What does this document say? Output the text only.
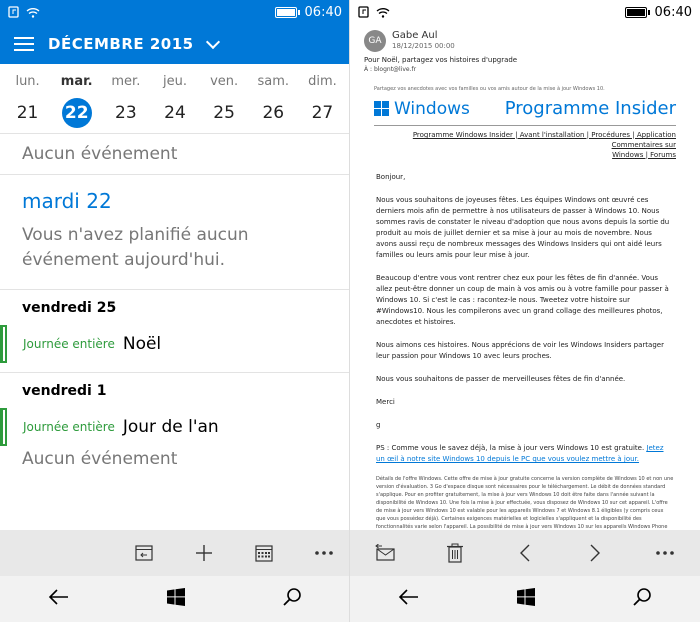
06:40
DÉCEMBRE 2015
lun.
21
mar.
22
mer.
23
jeu.
24
ven.
25
sam.
26
dim.
27
Aucun événement
mardi 22
Vous n'avez planifié aucun événement aujourd'hui.
vendredi 25
Journée entière Noël
vendredi 1
Journée entière Jour de l'an
Aucun événement
06:40
GA	Gabe Aul
18/12/2015 00:00
Pour Noël, partagez vos histoires d'upgrade
À : blognt@live.fr
Partagez vos anecdotes avec vos familles ou vos amis autour de la mise à jour Windows 10.
Windows Programme Insider
Programme Windows Insider | Avant l'installation | Procédures | Application Commentaires sur
Windows | Forums

Bonjour,

Nous vous souhaitons de joyeuses fêtes. Les équipes Windows ont œuvré ces derniers mois afin de permettre à nos utilisateurs de passer à Windows 10. Nous sommes ravis de constater le niveau d'adoption que nous avons depuis la sortie du produit au mois de juillet dernier et sa mise à jour au mois de novembre. Nous avons aussi reçu de nombreux messages des Windows Insiders qui ont aidé leurs familles ou leurs amis pour leur mise à jour.

Beaucoup d'entre vous vont rentrer chez eux pour les fêtes de fin d'année. Vous allez peut-être donner un coup de main à vos amis ou à votre famille pour passer à Windows 10. Si c'est le cas : racontez-le nous. Tweetez votre histoire sur #Windows10. Nous les compilerons avec un grand collage des meilleures photos, anecdotes et histoires.

Nous aimons ces histoires. Nous apprécions de voir les Windows Insiders partager leur passion pour Windows 10 avec leurs proches.

Nous vous souhaitons de passer de merveilleuses fêtes de fin d'année.

Merci

g

PS : Comme vous le savez déjà, la mise à jour vers Windows 10 est gratuite. Jetez un œil à notre site Windows 10 depuis le PC que vous voulez mettre à jour.

Détails de l'offre Windows. Cette offre de mise à jour gratuite concerne la version complète de Windows 10 et non une version d'évaluation. 3 Go d'espace disque sont nécessaires pour le téléchargement. Le débit de données standard s'applique. Pour en profiter gratuitement, la mise à jour vers Windows 10 doit être faite dans l'année suivant la disponibilité de Windows 10. Une fois la mise à jour effectuée, vous disposez de Windows 10 sur cet appareil. L'offre de mise à jour vers Windows 10 est valable pour les appareils Windows 7 et Windows 8.1 éligibles (y compris ceux que vous possédez déjà). Certaines exigences matérielles et logicielles s'appliquent et la disponibilité des fonctionnalités varie selon l'appareil. La possibilité de mise à jour vers Windows 10 sur les appareils Windows Phone
